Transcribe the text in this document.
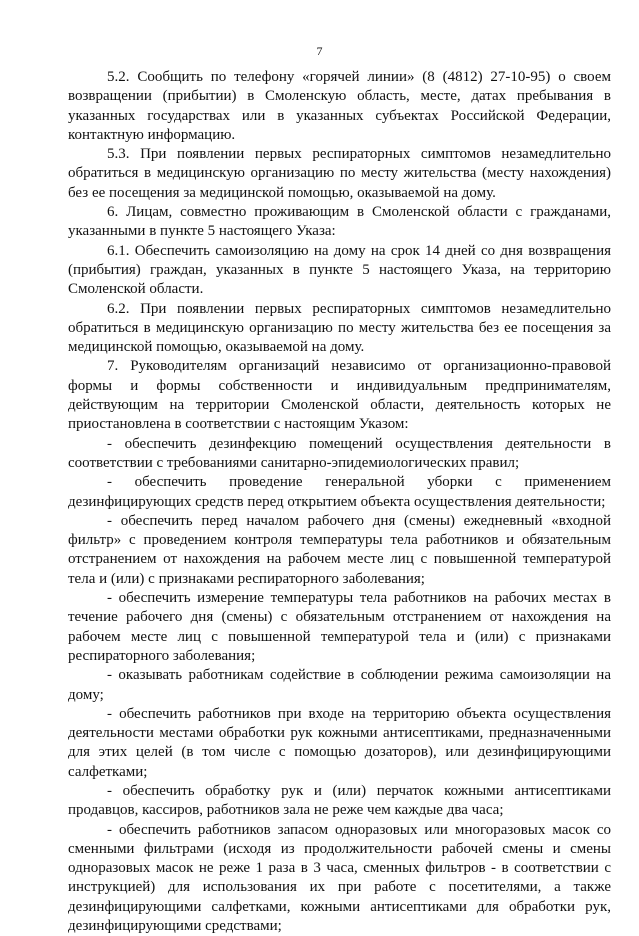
7

5.2. Сообщить по телефону «горячей линии» (8 (4812) 27-10-95) о своем возвращении (прибытии) в Смоленскую область, месте, датах пребывания в указанных государствах или в указанных субъектах Российской Федерации, контактную информацию.

5.3. При появлении первых респираторных симптомов незамедлительно обратиться в медицинскую организацию по месту жительства (месту нахождения) без ее посещения за медицинской помощью, оказываемой на дому.

6. Лицам, совместно проживающим в Смоленской области с гражданами, указанными в пункте 5 настоящего Указа:

6.1. Обеспечить самоизоляцию на дому на срок 14 дней со дня возвращения (прибытия) граждан, указанных в пункте 5 настоящего Указа, на территорию Смоленской области.

6.2. При появлении первых респираторных симптомов незамедлительно обратиться в медицинскую организацию по месту жительства без ее посещения за медицинской помощью, оказываемой на дому.

7. Руководителям организаций независимо от организационно-правовой формы и формы собственности и индивидуальным предпринимателям, действующим на территории Смоленской области, деятельность которых не приостановлена в соответствии с настоящим Указом:

- обеспечить дезинфекцию помещений осуществления деятельности в соответствии с требованиями санитарно-эпидемиологических правил;

- обеспечить проведение генеральной уборки с применением дезинфицирующих средств перед открытием объекта осуществления деятельности;

- обеспечить перед началом рабочего дня (смены) ежедневный «входной фильтр» с проведением контроля температуры тела работников и обязательным отстранением от нахождения на рабочем месте лиц с повышенной температурой тела и (или) с признаками респираторного заболевания;

- обеспечить измерение температуры тела работников на рабочих местах в течение рабочего дня (смены) с обязательным отстранением от нахождения на рабочем месте лиц с повышенной температурой тела и (или) с признаками респираторного заболевания;

- оказывать работникам содействие в соблюдении режима самоизоляции на дому;

- обеспечить работников при входе на территорию объекта осуществления деятельности местами обработки рук кожными антисептиками, предназначенными для этих целей (в том числе с помощью дозаторов), или дезинфицирующими салфетками;

- обеспечить обработку рук и (или) перчаток кожными антисептиками продавцов, кассиров, работников зала не реже чем каждые два часа;

- обеспечить работников запасом одноразовых или многоразовых масок со сменными фильтрами (исходя из продолжительности рабочей смены и смены одноразовых масок не реже 1 раза в 3 часа, сменных фильтров - в соответствии с инструкцией) для использования их при работе с посетителями, а также дезинфицирующими салфетками, кожными антисептиками для обработки рук, дезинфицирующими средствами;
